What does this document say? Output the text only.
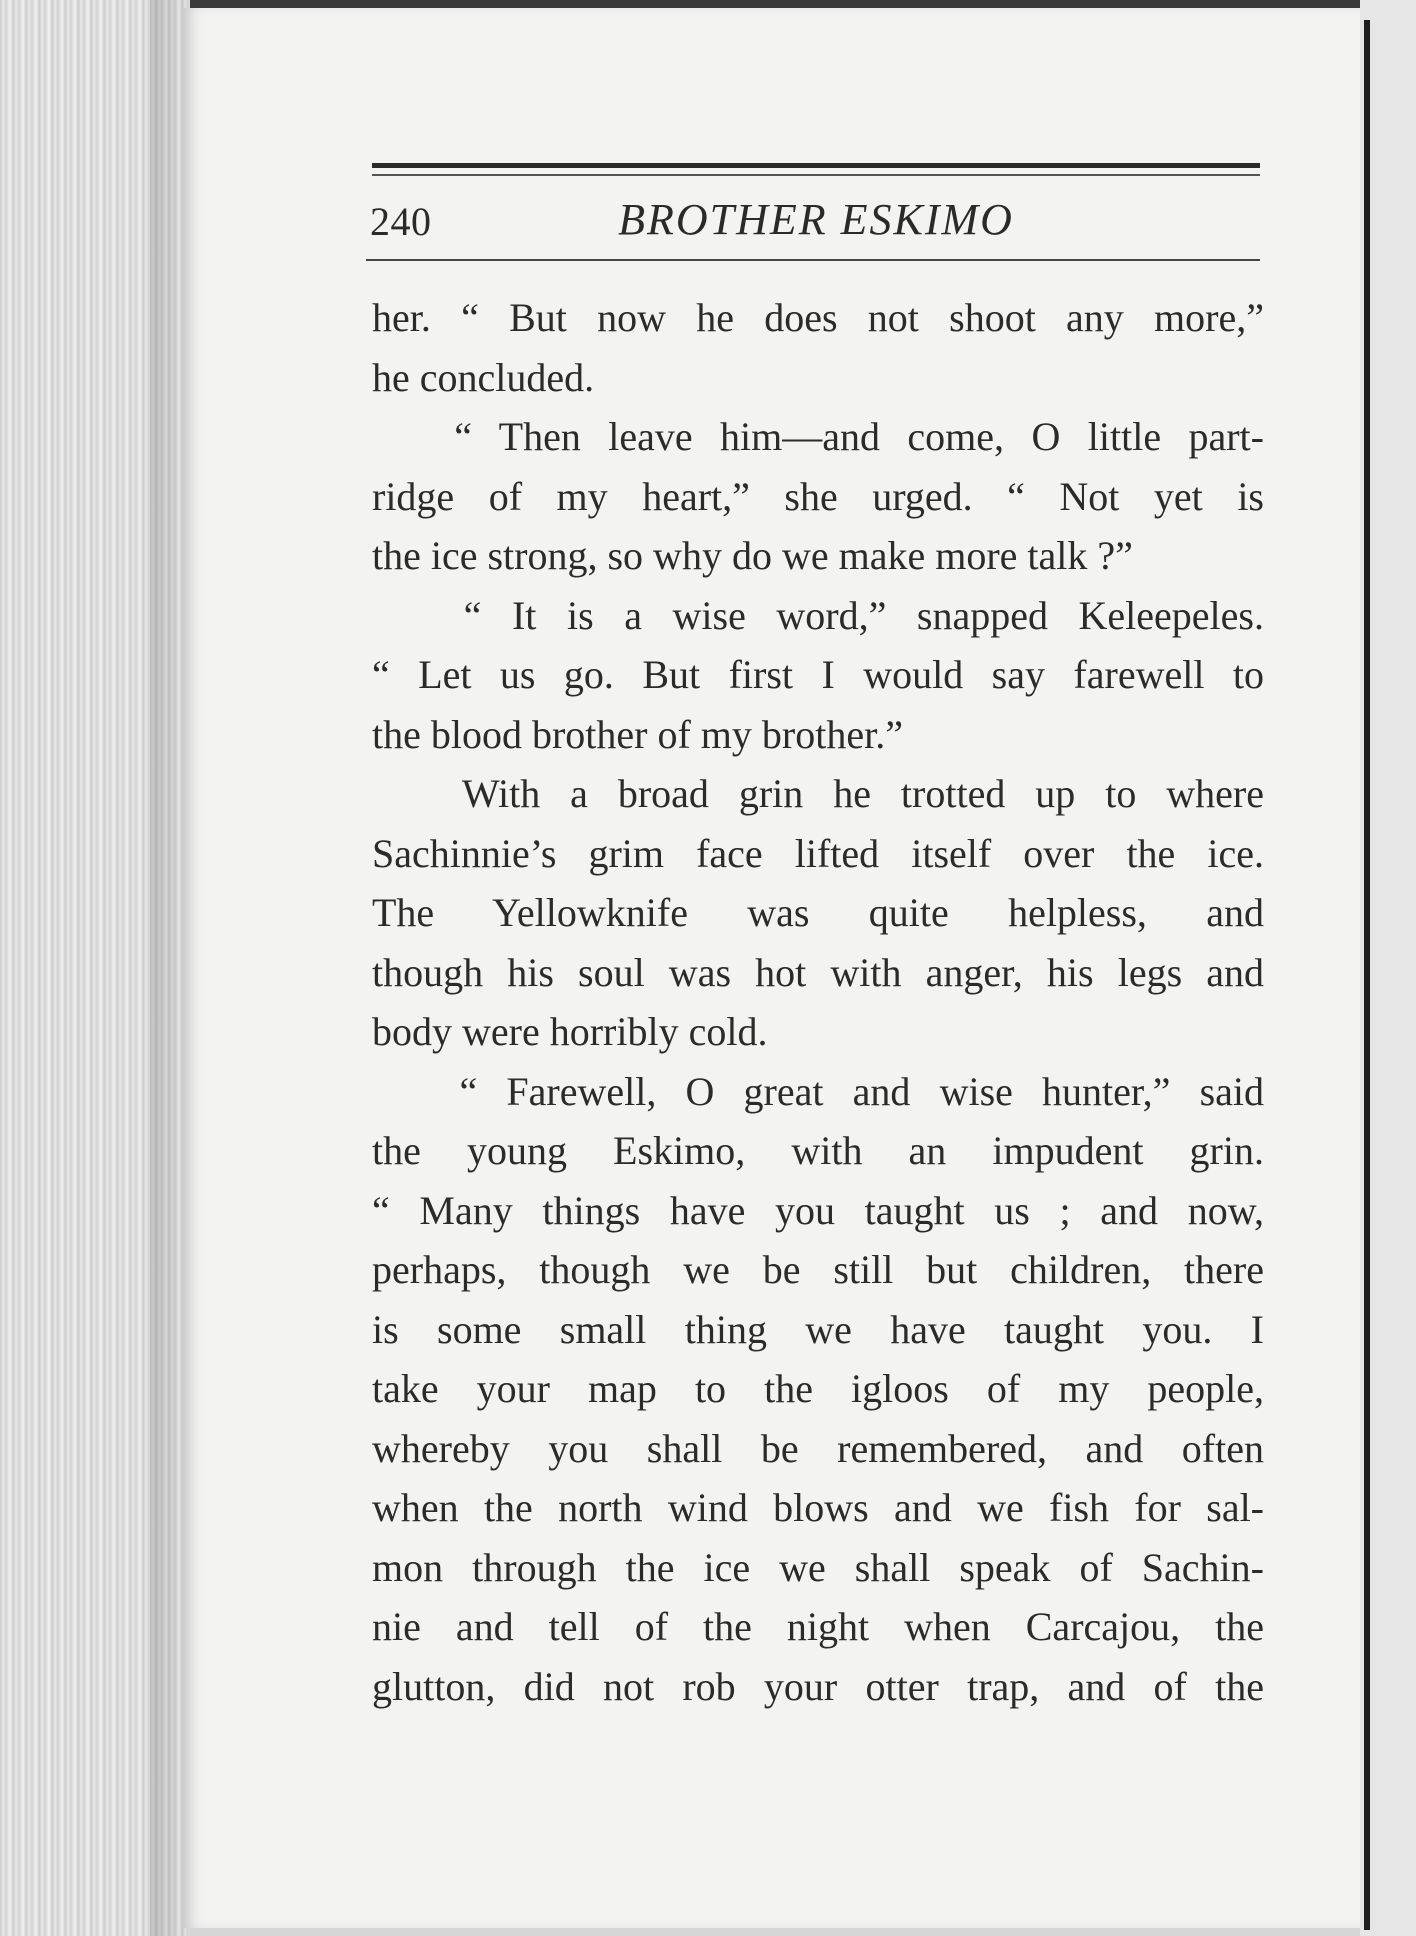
240	BROTHER ESKIMO
her. “ But now he does not shoot any more,”
he concluded.
“ Then leave him—and come, O little part-
ridge of my heart,” she urged. “ Not yet is
the ice strong, so why do we make more talk ?”
“ It is a wise word,” snapped Keleepeles.
“ Let us go. But first I would say farewell to
the blood brother of my brother.”
With a broad grin he trotted up to where
Sachinnie’s grim face lifted itself over the ice.
The Yellowknife was quite helpless, and
though his soul was hot with anger, his legs and
body were horribly cold.
“ Farewell, O great and wise hunter,” said
the young Eskimo, with an impudent grin.
“ Many things have you taught us ; and now,
perhaps, though we be still but children, there
is some small thing we have taught you. I
take your map to the igloos of my people,
whereby you shall be remembered, and often
when the north wind blows and we fish for sal-
mon through the ice we shall speak of Sachin-
nie and tell of the night when Carcajou, the
glutton, did not rob your otter trap, and of the
